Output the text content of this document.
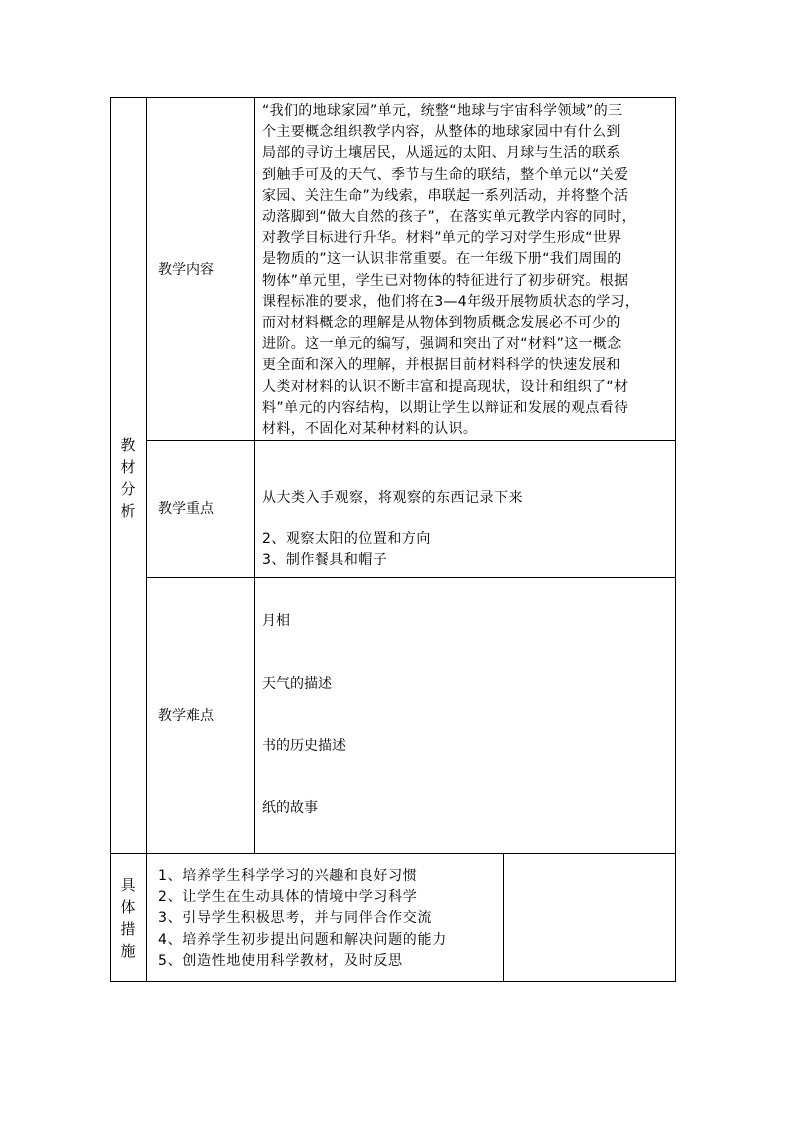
教
材
分
析
教学内容
教学重点
教学难点
“我们的地球家园”单元，统整“地球与宇宙科学领域”的三
个主要概念组织教学内容，从整体的地球家园中有什么到
局部的寻访土壤居民，从遥远的太阳、月球与生活的联系
到触手可及的天气、季节与生命的联结，整个单元以“关爱
家园、关注生命”为线索，串联起一系列活动，并将整个活
动落脚到“做大自然的孩子”，在落实单元教学内容的同时，
对教学目标进行升华。材料”单元的学习对学生形成“世界
是物质的”这一认识非常重要。在一年级下册“我们周围的
物体”单元里，学生已对物体的特征进行了初步研究。根据
课程标准的要求，他们将在3—4年级开展物质状态的学习，
而对材料概念的理解是从物体到物质概念发展必不可少的
进阶。这一单元的编写，强调和突出了对“材料”这一概念
更全面和深入的理解，并根据目前材料科学的快速发展和
人类对材料的认识不断丰富和提高现状，设计和组织了“材
料”单元的内容结构，以期让学生以辩证和发展的观点看待
材料，不固化对某种材料的认识。
从大类入手观察，将观察的东西记录下来
2、观察太阳的位置和方向
3、制作餐具和帽子
月相
天气的描述
书的历史描述
纸的故事
具
体
措
施
1、培养学生科学学习的兴趣和良好习惯
2、让学生在生动具体的情境中学习科学
3、引导学生积极思考，并与同伴合作交流
4、培养学生初步提出问题和解决问题的能力
5、创造性地使用科学教材，及时反思
